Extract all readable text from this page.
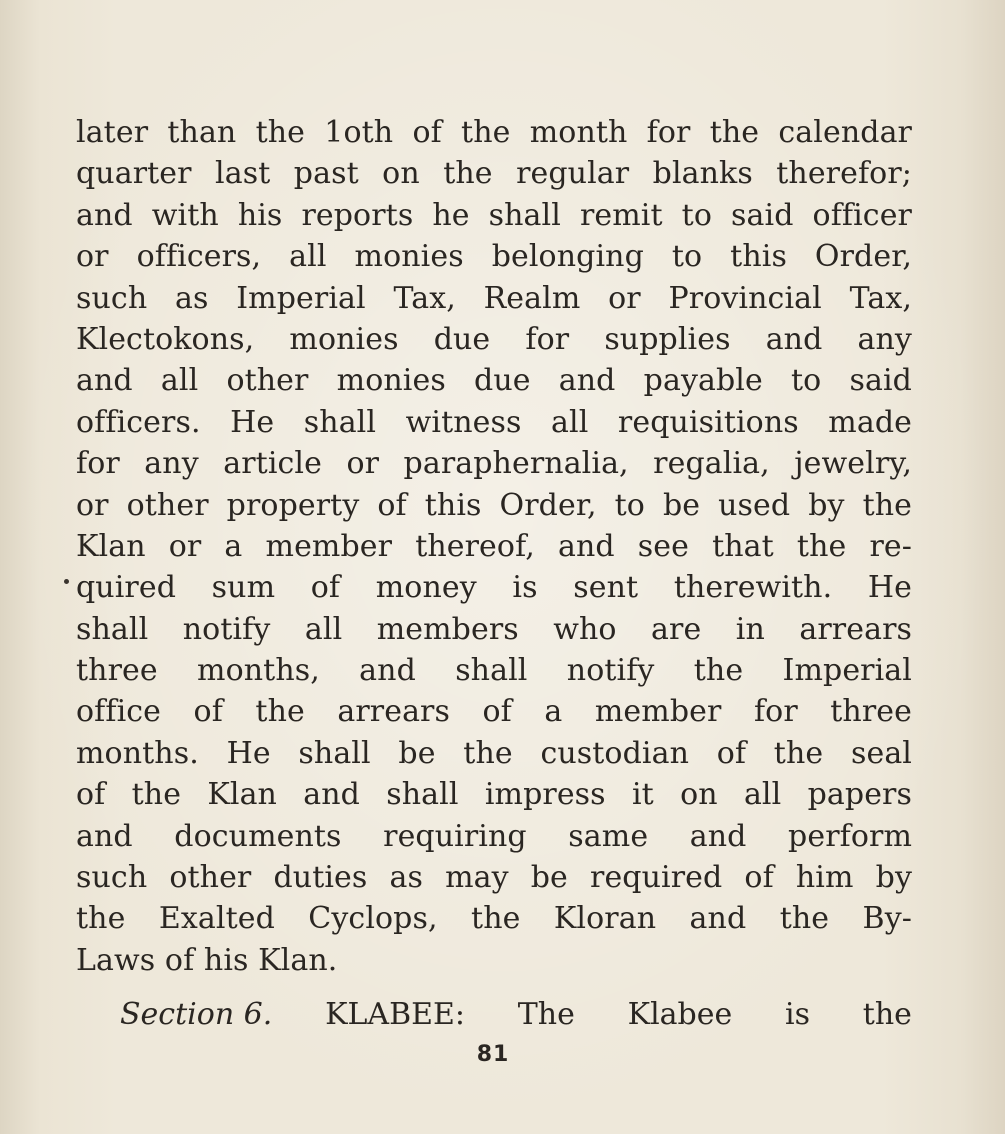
later than the 1oth of the month for the calendar
quarter last past on the regular blanks therefor;
and with his reports he shall remit to said officer
or officers, all monies belonging to this Order,
such as Imperial Tax, Realm or Provincial Tax,
Klectokons, monies due for supplies and any
and all other monies due and payable to said
officers. He shall witness all requisitions made
for any article or paraphernalia, regalia, jewelry,
or other property of this Order, to be used by the
Klan or a member thereof, and see that the re-
quired sum of money is sent therewith. He
shall notify all members who are in arrears
three months, and shall notify the Imperial
office of the arrears of a member for three
months. He shall be the custodian of the seal
of the Klan and shall impress it on all papers
and documents requiring same and perform
such other duties as may be required of him by
the Exalted Cyclops, the Kloran and the By-
Laws of his Klan.
Section 6. KLABEE: The Klabee is the
81
